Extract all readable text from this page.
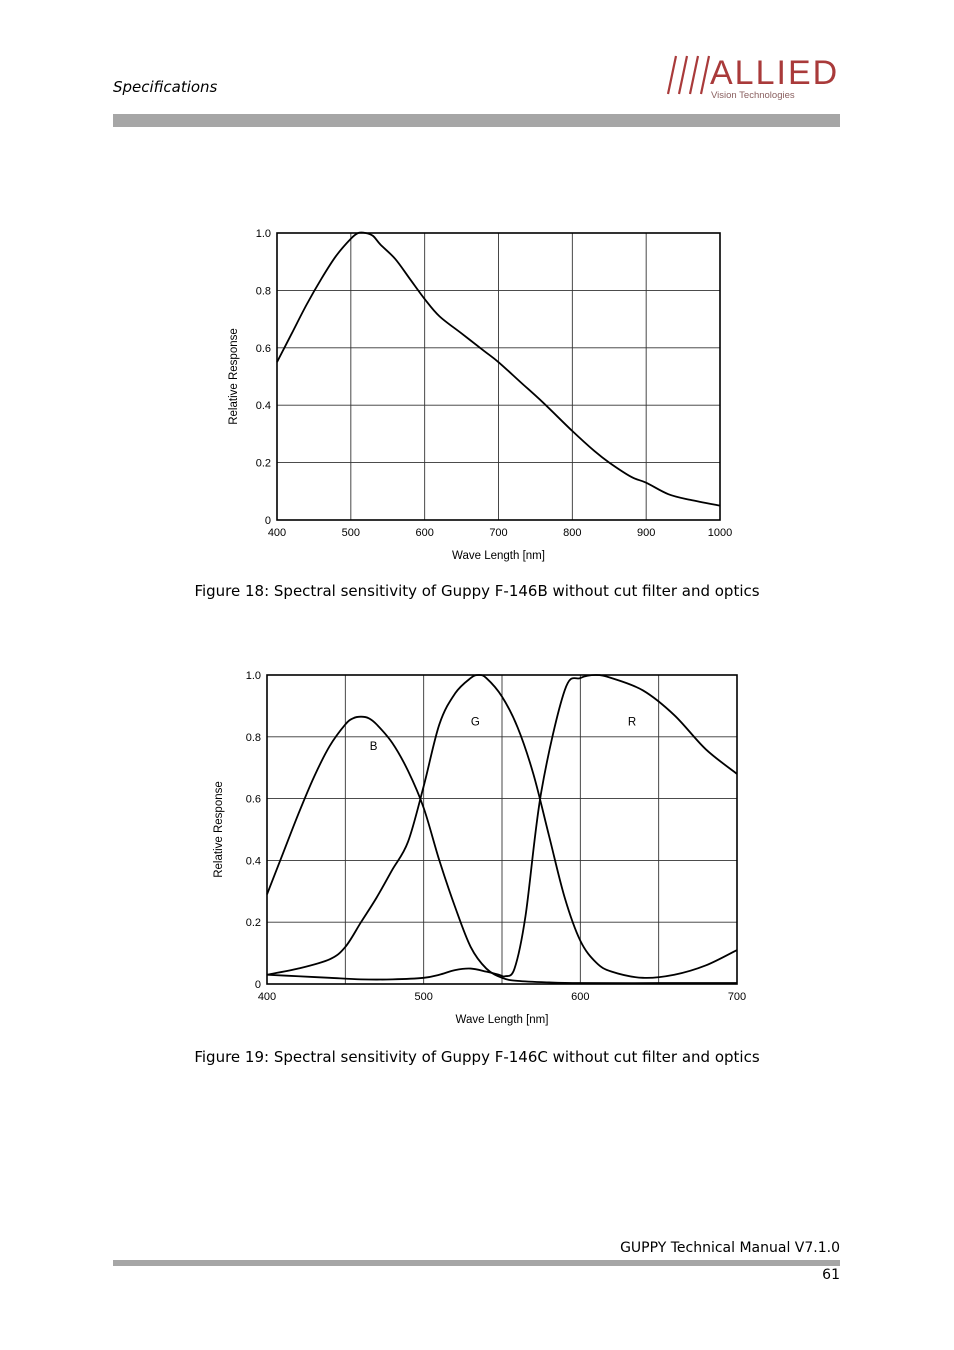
Specifications	ALLIED
Vision Technologies
400	500	600	700	800	900	1000
0
0.2
0.4
0.6
0.8
1.0
Wave Length [nm]
Relative Response
Figure 18: Spectral sensitivity of Guppy F-146B without cut filter and optics
400	500	600	700
0
0.2
0.4
0.6
0.8
1.0
Wave Length [nm]
Relative Response
B
G	R
Figure 19: Spectral sensitivity of Guppy F-146C without cut filter and optics
GUPPY Technical Manual V7.1.0
61
